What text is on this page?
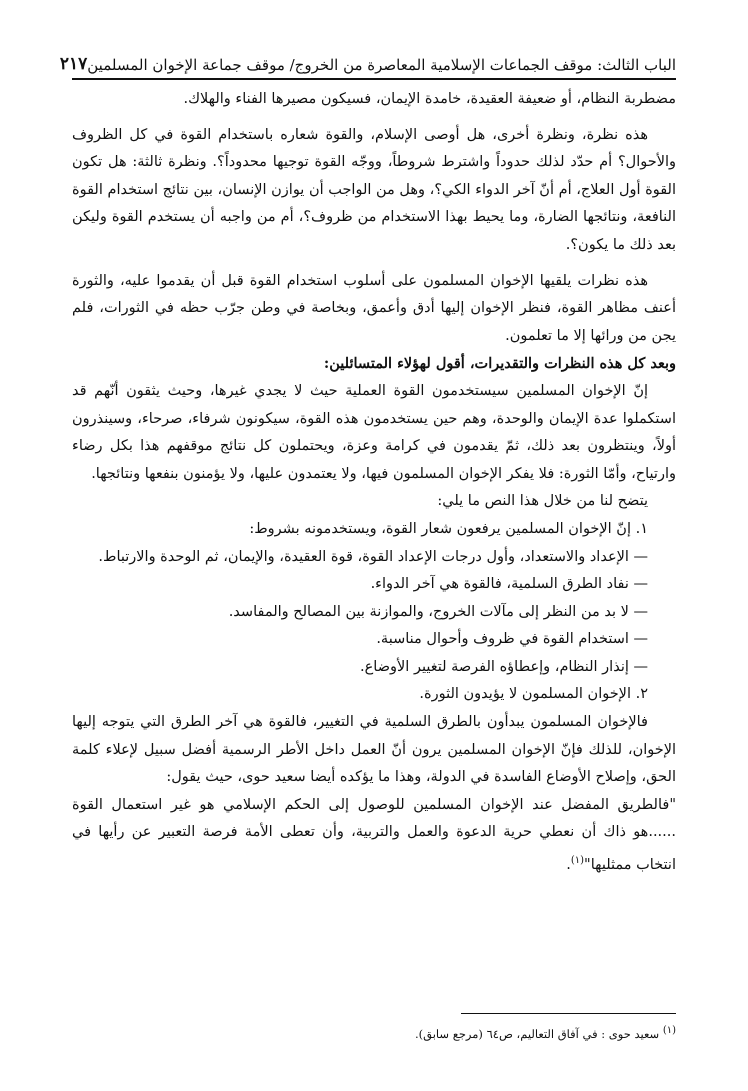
الباب الثالث: موقف الجماعات الإسلامية المعاصرة من الخروج/ موقف جماعة الإخوان المسلمين
٢١٧

مضطربة النظام، أو ضعيفة العقيدة، خامدة الإيمان، فسيكون مصيرها الفناء والهلاك.

هذه نظرة، ونظرة أخرى، هل أوصى الإسلام، والقوة شعاره باستخدام القوة في كل الظروف والأحوال؟ أم حدّد لذلك حدوداً واشترط شروطاً، ووجّه القوة توجيها محدوداً؟. ونظرة ثالثة: هل تكون القوة أول العلاج، أم أنّ آخر الدواء الكي؟، وهل من الواجب أن يوازن الإنسان، بين نتائج استخدام القوة النافعة، ونتائجها الضارة، وما يحيط بهذا الاستخدام من ظروف؟، أم من واجبه أن يستخدم القوة وليكن بعد ذلك ما يكون؟.

هذه نظرات يلقيها الإخوان المسلمون على أسلوب استخدام القوة قبل أن يقدموا عليه، والثورة أعنف مظاهر القوة، فنظر الإخوان إليها أدق وأعمق، وبخاصة في وطن جرّب حظه في الثورات، فلم يجن من ورائها إلا ما تعلمون.

وبعد كل هذه النظرات والتقديرات، أقول لهؤلاء المتسائلين:

إنّ الإخوان المسلمين سيستخدمون القوة العملية حيث لا يجدي غيرها، وحيث يثقون أنّهم قد استكملوا عدة الإيمان والوحدة، وهم حين يستخدمون هذه القوة، سيكونون شرفاء، صرحاء، وسينذرون أولاً، وينتظرون بعد ذلك، ثمّ يقدمون في كرامة وعزة، ويحتملون كل نتائج موقفهم هذا بكل رضاء وارتياح، وأمّا الثورة: فلا يفكر الإخوان المسلمون فيها، ولا يعتمدون عليها، ولا يؤمنون بنفعها ونتائجها.

يتضح لنا من خلال هذا النص ما يلي:

١. إنّ الإخوان المسلمين يرفعون شعار القوة، ويستخدمونه بشروط:

— الإعداد والاستعداد، وأول درجات الإعداد القوة، قوة العقيدة، والإيمان، ثم الوحدة والارتباط.

— نفاد الطرق السلمية، فالقوة هي آخر الدواء.

— لا بد من النظر إلى مآلات الخروج، والموازنة بين المصالح والمفاسد.

— استخدام القوة في ظروف وأحوال مناسبة.

— إنذار النظام، وإعطاؤه الفرصة لتغيير الأوضاع.

٢. الإخوان المسلمون لا يؤيدون الثورة.

فالإخوان المسلمون يبدأون بالطرق السلمية في التغيير، فالقوة هي آخر الطرق التي يتوجه إليها الإخوان، للذلك فإنّ الإخوان المسلمين يرون أنّ العمل داخل الأطر الرسمية أفضل سبيل لإعلاء كلمة الحق، وإصلاح الأوضاع الفاسدة في الدولة، وهذا ما يؤكده أيضا سعيد حوى، حيث يقول:

"فالطريق المفضل عند الإخوان المسلمين للوصول إلى الحكم الإسلامي هو غير استعمال القوة ......هو ذاك أن نعطي حرية الدعوة والعمل والتربية، وأن تعطى الأمة فرصة التعبير عن رأيها في انتخاب ممثليها"$^{(١)}$.

(١) سعيد حوى : في آفاق التعاليم، ص٦٤ (مرجع سابق).
